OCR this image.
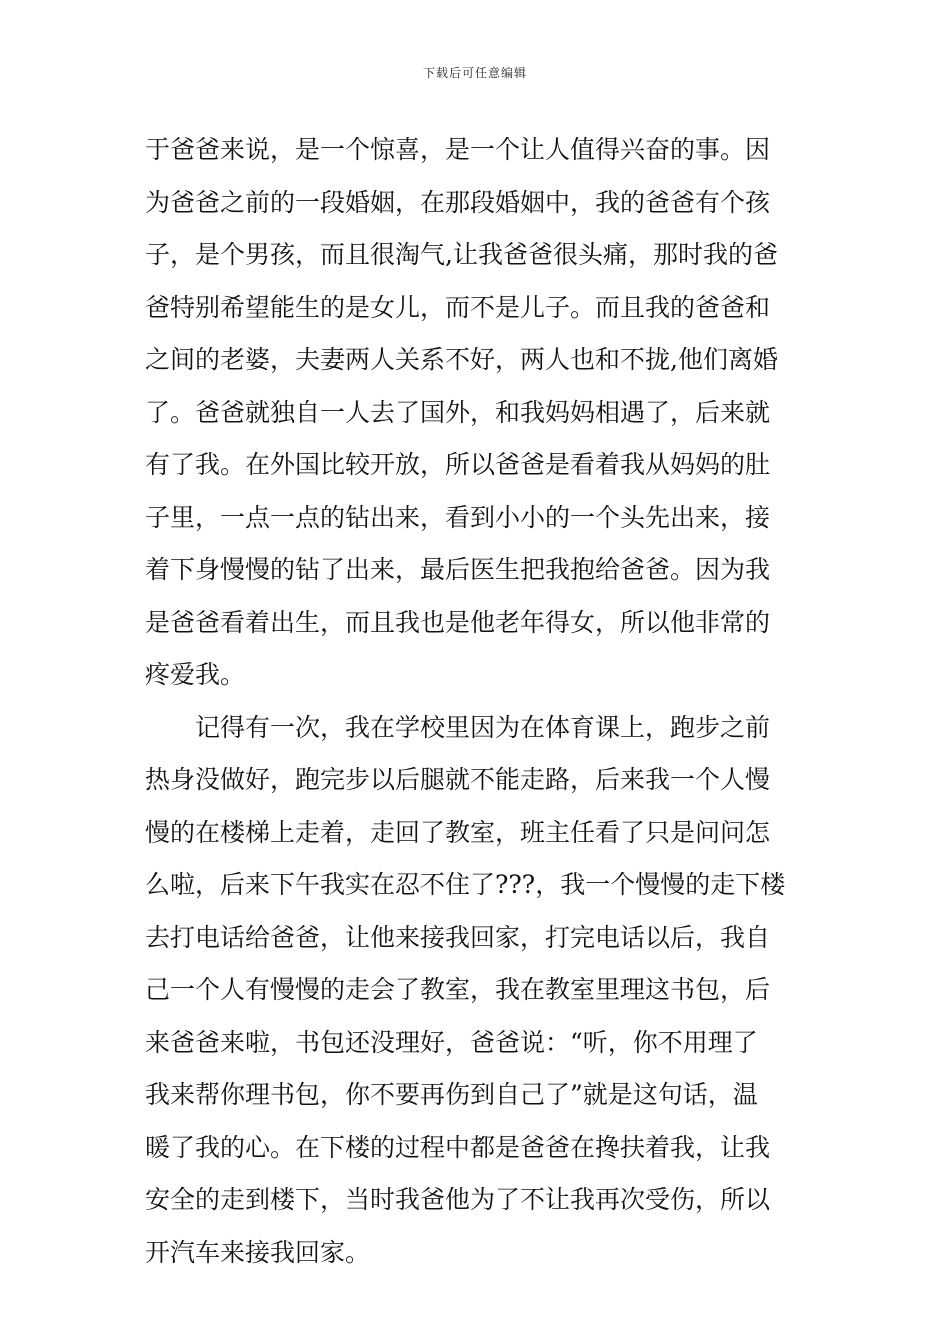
下载后可任意编辑
于爸爸来说，是一个惊喜，是一个让人值得兴奋的事。因
为爸爸之前的一段婚姻，在那段婚姻中，我的爸爸有个孩
子，是个男孩，而且很淘气,让我爸爸很头痛，那时我的爸
爸特别希望能生的是女儿，而不是儿子。而且我的爸爸和
之间的老婆，夫妻两人关系不好，两人也和不拢,他们离婚
了。爸爸就独自一人去了国外，和我妈妈相遇了，后来就
有了我。在外国比较开放，所以爸爸是看着我从妈妈的肚
子里，一点一点的钻出来，看到小小的一个头先出来，接
着下身慢慢的钻了出来，最后医生把我抱给爸爸。因为我
是爸爸看着出生，而且我也是他老年得女，所以他非常的
疼爱我。
记得有一次，我在学校里因为在体育课上，跑步之前
热身没做好，跑完步以后腿就不能走路，后来我一个人慢
慢的在楼梯上走着，走回了教室，班主任看了只是问问怎
么啦，后来下午我实在忍不住了???，我一个慢慢的走下楼
去打电话给爸爸，让他来接我回家，打完电话以后，我自
己一个人有慢慢的走会了教室，我在教室里理这书包，后
来爸爸来啦，书包还没理好，爸爸说：“听，你不用理了
我来帮你理书包，你不要再伤到自己了”就是这句话，温
暖了我的心。在下楼的过程中都是爸爸在搀扶着我，让我
安全的走到楼下，当时我爸他为了不让我再次受伤，所以
开汽车来接我回家。
